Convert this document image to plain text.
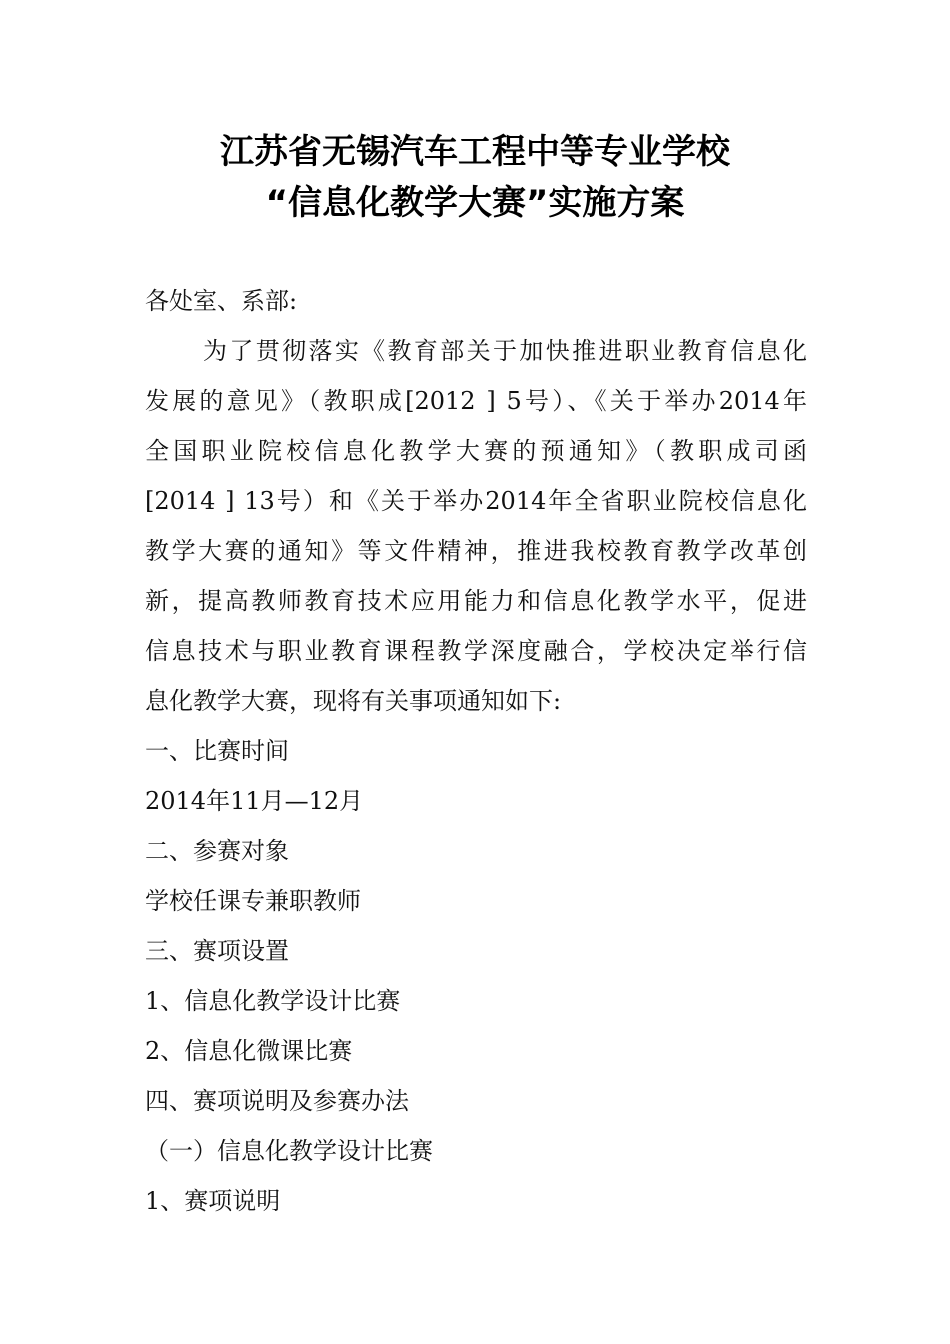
江苏省无锡汽车工程中等专业学校
“信息化教学大赛”实施方案
各处室、系部:
为了贯彻落实《教育部关于加快推进职业教育信息化
发展的意见》（教职成[2012 ] 5号）、《关于举办2014年
全国职业院校信息化教学大赛的预通知》（教职成司函
[2014 ] 13号）和《关于举办2014年全省职业院校信息化
教学大赛的通知》等文件精神，推进我校教育教学改革创
新，提高教师教育技术应用能力和信息化教学水平，促进
信息技术与职业教育课程教学深度融合，学校决定举行信
息化教学大赛，现将有关事项通知如下:
一、比赛时间
2014年11月—12月
二、参赛对象
学校任课专兼职教师
三、赛项设置
1、信息化教学设计比赛
2、信息化微课比赛
四、赛项说明及参赛办法
（一）信息化教学设计比赛
1、赛项说明
